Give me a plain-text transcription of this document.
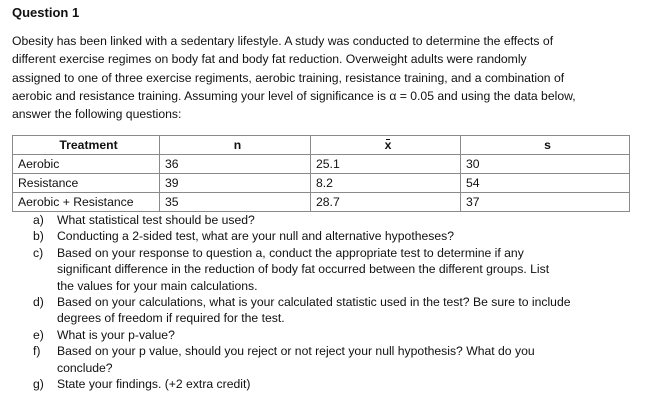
Question 1
Obesity has been linked with a sedentary lifestyle. A study was conducted to determine the effects of
different exercise regimes on body fat and body fat reduction. Overweight adults were randomly
assigned to one of three exercise regiments, aerobic training, resistance training, and a combination of
aerobic and resistance training. Assuming your level of significance is α = 0.05 and using the data below,
answer the following questions:
Treatment	n	x	s
Aerobic	36	25.1	30
Resistance	39	8.2	54
Aerobic + Resistance	35	28.7	37
a) What statistical test should be used?
b) Conducting a 2-sided test, what are your null and alternative hypotheses?
c) Based on your response to question a, conduct the appropriate test to determine if any
significant difference in the reduction of body fat occurred between the different groups. List
the values for your main calculations.
d) Based on your calculations, what is your calculated statistic used in the test? Be sure to include
degrees of freedom if required for the test.
e) What is your p-value?
f) Based on your p value, should you reject or not reject your null hypothesis? What do you
conclude?
g) State your findings. (+2 extra credit)
